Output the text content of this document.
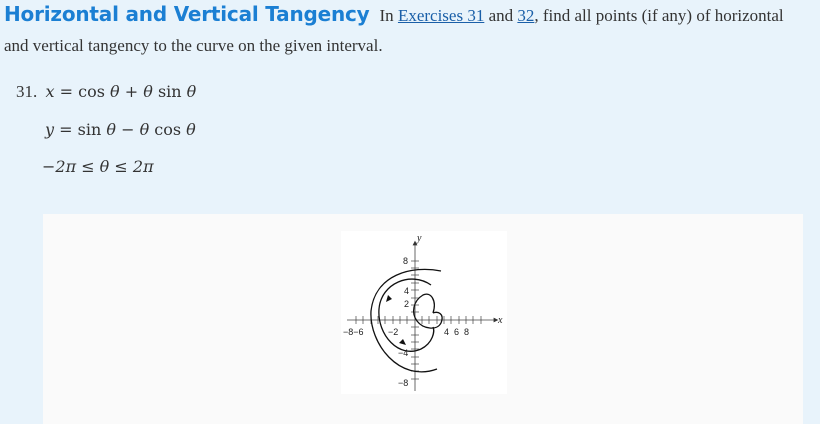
Horizontal and Vertical Tangency In Exercises 31 and 32, find all points (if any) of horizontal
and vertical tangency to the curve on the given interval.
31. x = cos θ + θ sin θ
y = sin θ − θ cos θ
−2π ≤ θ ≤ 2π
y
x
8
4
2
−4
−8
−8−6	−2	4  6  8
